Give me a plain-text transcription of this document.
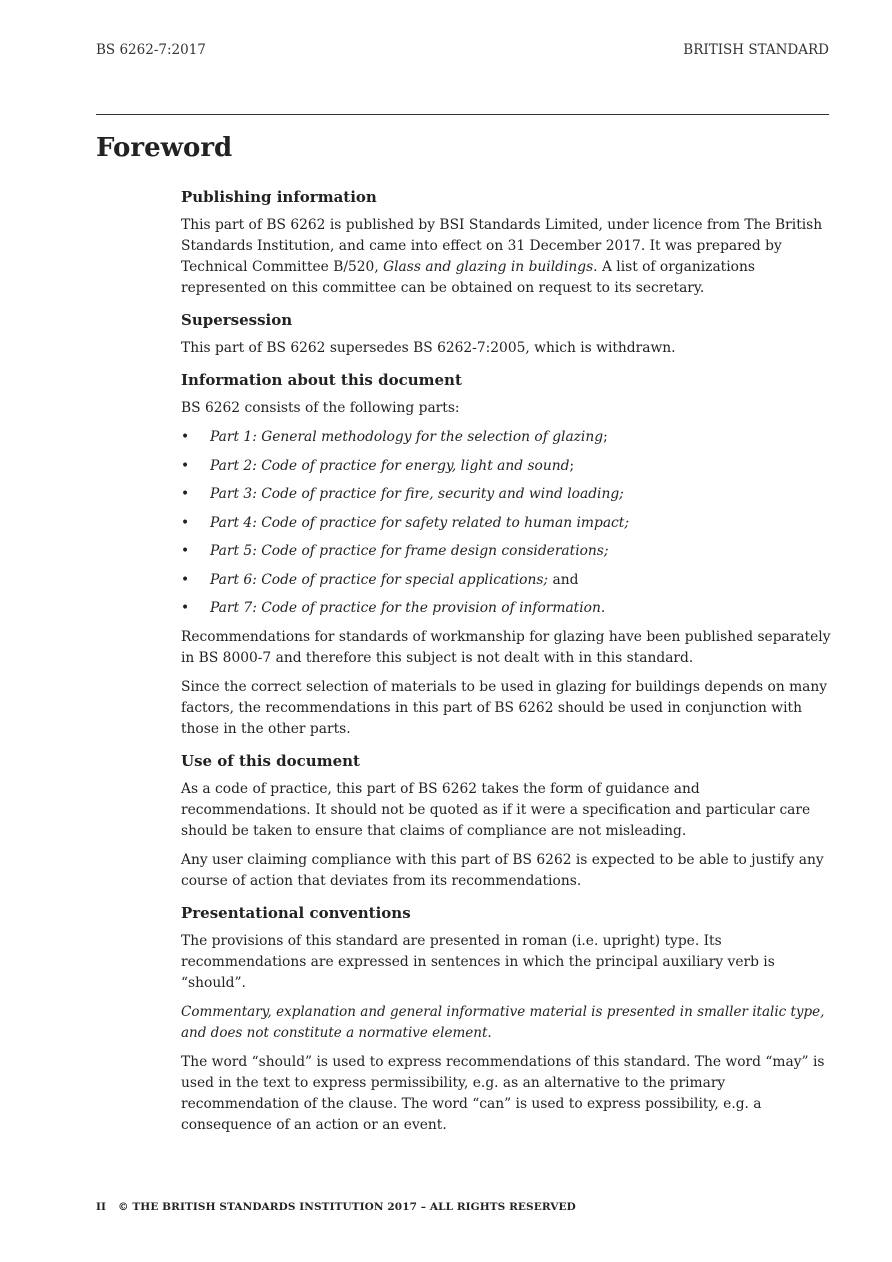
BS 6262-7:2017	BRITISH STANDARD
Foreword
Publishing information

This part of BS 6262 is published by BSI Standards Limited, under licence from The British Standards Institution, and came into effect on 31 December 2017. It was prepared by Technical Committee B/520, Glass and glazing in buildings. A list of organizations represented on this committee can be obtained on request to its secretary.

Supersession

This part of BS 6262 supersedes BS 6262-7:2005, which is withdrawn.

Information about this document

BS 6262 consists of the following parts:

• Part 1: General methodology for the selection of glazing;
• Part 2: Code of practice for energy, light and sound;
• Part 3: Code of practice for fire, security and wind loading;
• Part 4: Code of practice for safety related to human impact;
• Part 5: Code of practice for frame design considerations;
• Part 6: Code of practice for special applications; and
• Part 7: Code of practice for the provision of information.

Recommendations for standards of workmanship for glazing have been published separately in BS 8000-7 and therefore this subject is not dealt with in this standard.

Since the correct selection of materials to be used in glazing for buildings depends on many factors, the recommendations in this part of BS 6262 should be used in conjunction with those in the other parts.

Use of this document

As a code of practice, this part of BS 6262 takes the form of guidance and recommendations. It should not be quoted as if it were a specification and particular care should be taken to ensure that claims of compliance are not misleading.

Any user claiming compliance with this part of BS 6262 is expected to be able to justify any course of action that deviates from its recommendations.

Presentational conventions

The provisions of this standard are presented in roman (i.e. upright) type. Its recommendations are expressed in sentences in which the principal auxiliary verb is “should”.

Commentary, explanation and general informative material is presented in smaller italic type, and does not constitute a normative element.

The word “should” is used to express recommendations of this standard. The word “may” is used in the text to express permissibility, e.g. as an alternative to the primary recommendation of the clause. The word “can” is used to express possibility, e.g. a consequence of an action or an event.

II © THE BRITISH STANDARDS INSTITUTION 2017 – ALL RIGHTS RESERVED
